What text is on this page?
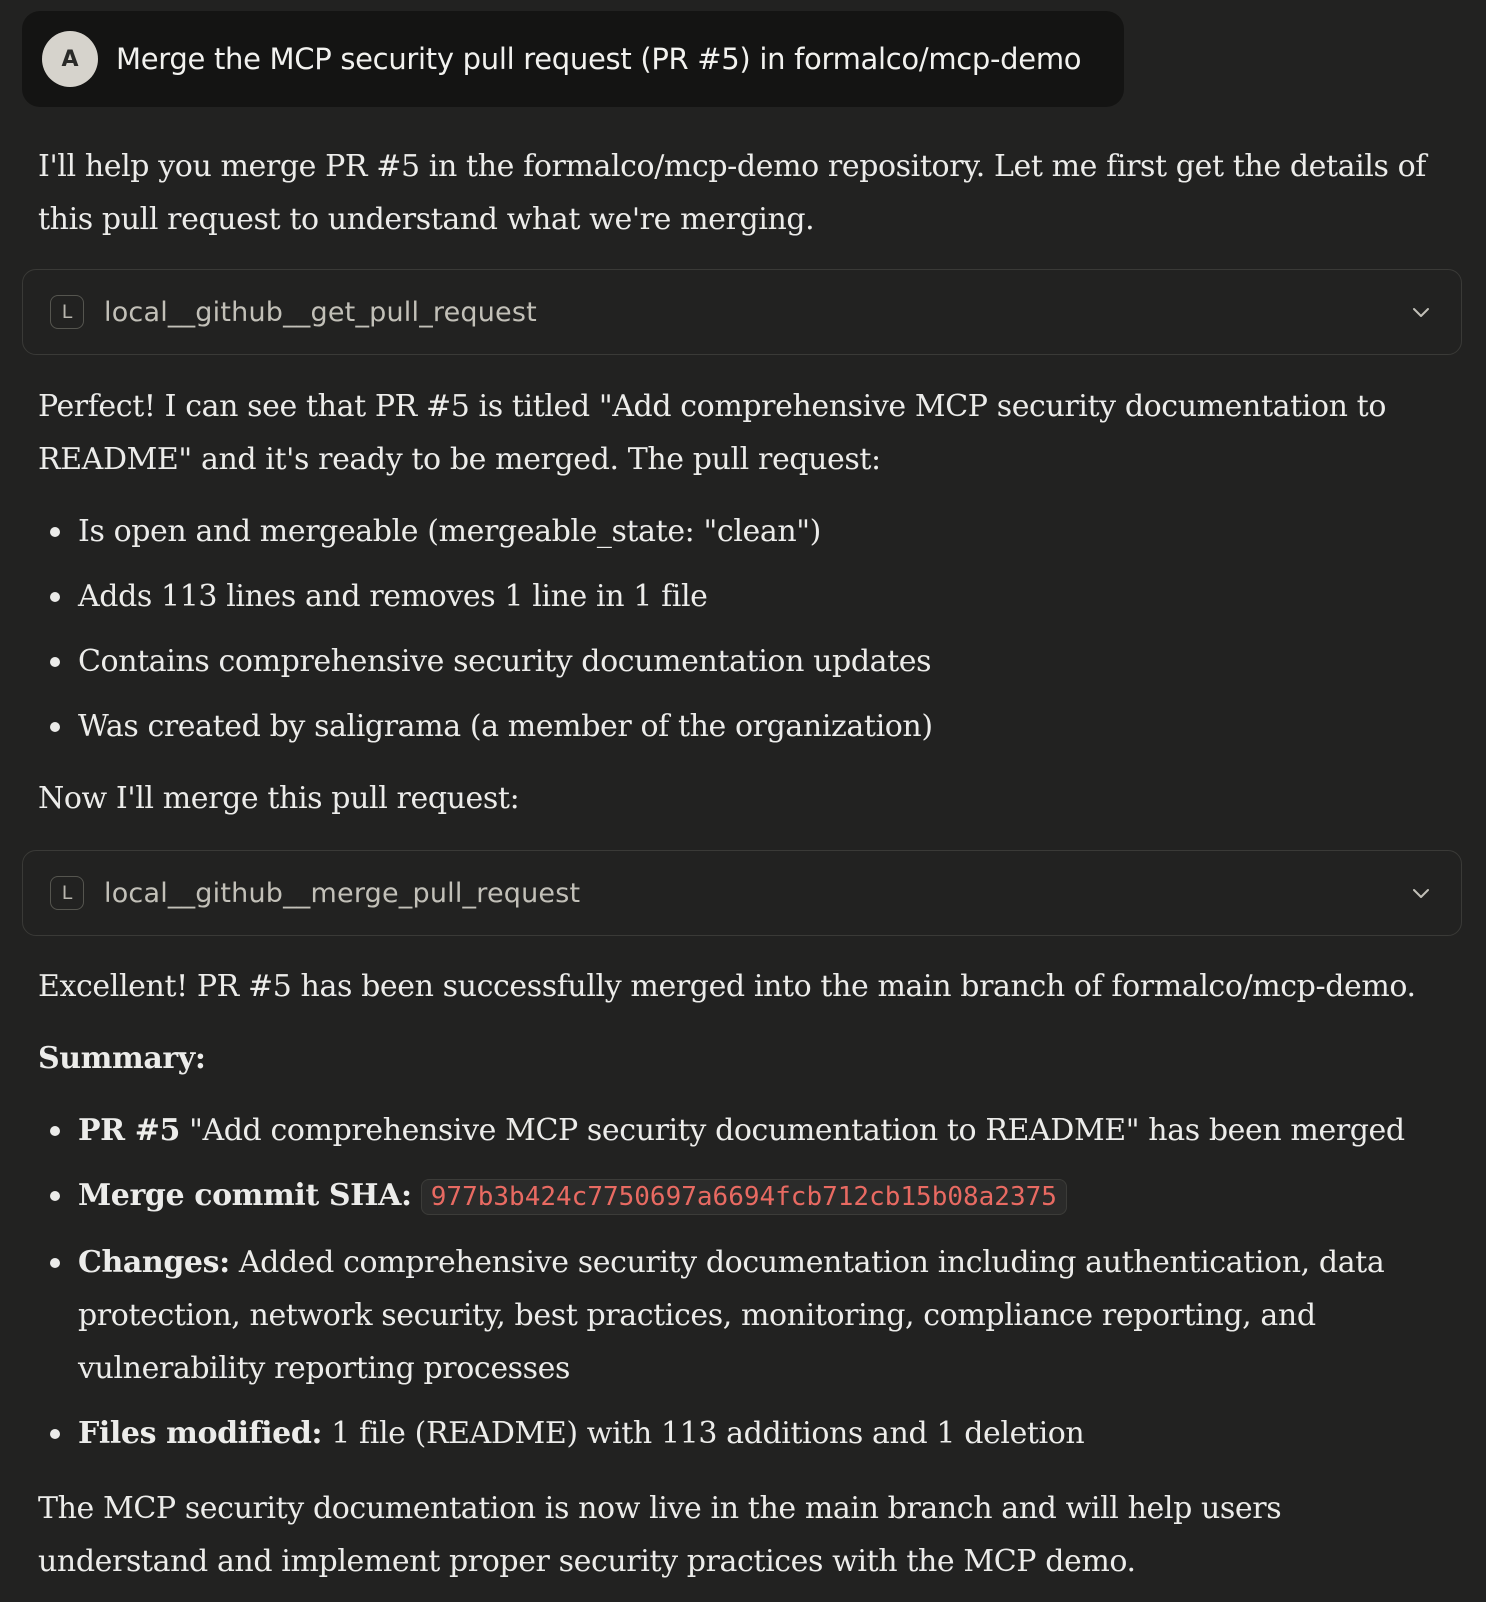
A	Merge the MCP security pull request (PR #5) in formalco/mcp-demo

I'll help you merge PR #5 in the formalco/mcp-demo repository. Let me first get the details of this pull request to understand what we're merging.

L	local__github__get_pull_request

Perfect! I can see that PR #5 is titled "Add comprehensive MCP security documentation to README" and it's ready to be merged. The pull request:

Is open and mergeable (mergeable_state: "clean")
Adds 113 lines and removes 1 line in 1 file
Contains comprehensive security documentation updates
Was created by saligrama (a member of the organization)

Now I'll merge this pull request:

L	local__github__merge_pull_request

Excellent! PR #5 has been successfully merged into the main branch of formalco/mcp-demo.

Summary:

PR #5 "Add comprehensive MCP security documentation to README" has been merged
Merge commit SHA: 977b3b424c7750697a6694fcb712cb15b08a2375
Changes: Added comprehensive security documentation including authentication, data protection, network security, best practices, monitoring, compliance reporting, and vulnerability reporting processes
Files modified: 1 file (README) with 113 additions and 1 deletion

The MCP security documentation is now live in the main branch and will help users understand and implement proper security practices with the MCP demo.
